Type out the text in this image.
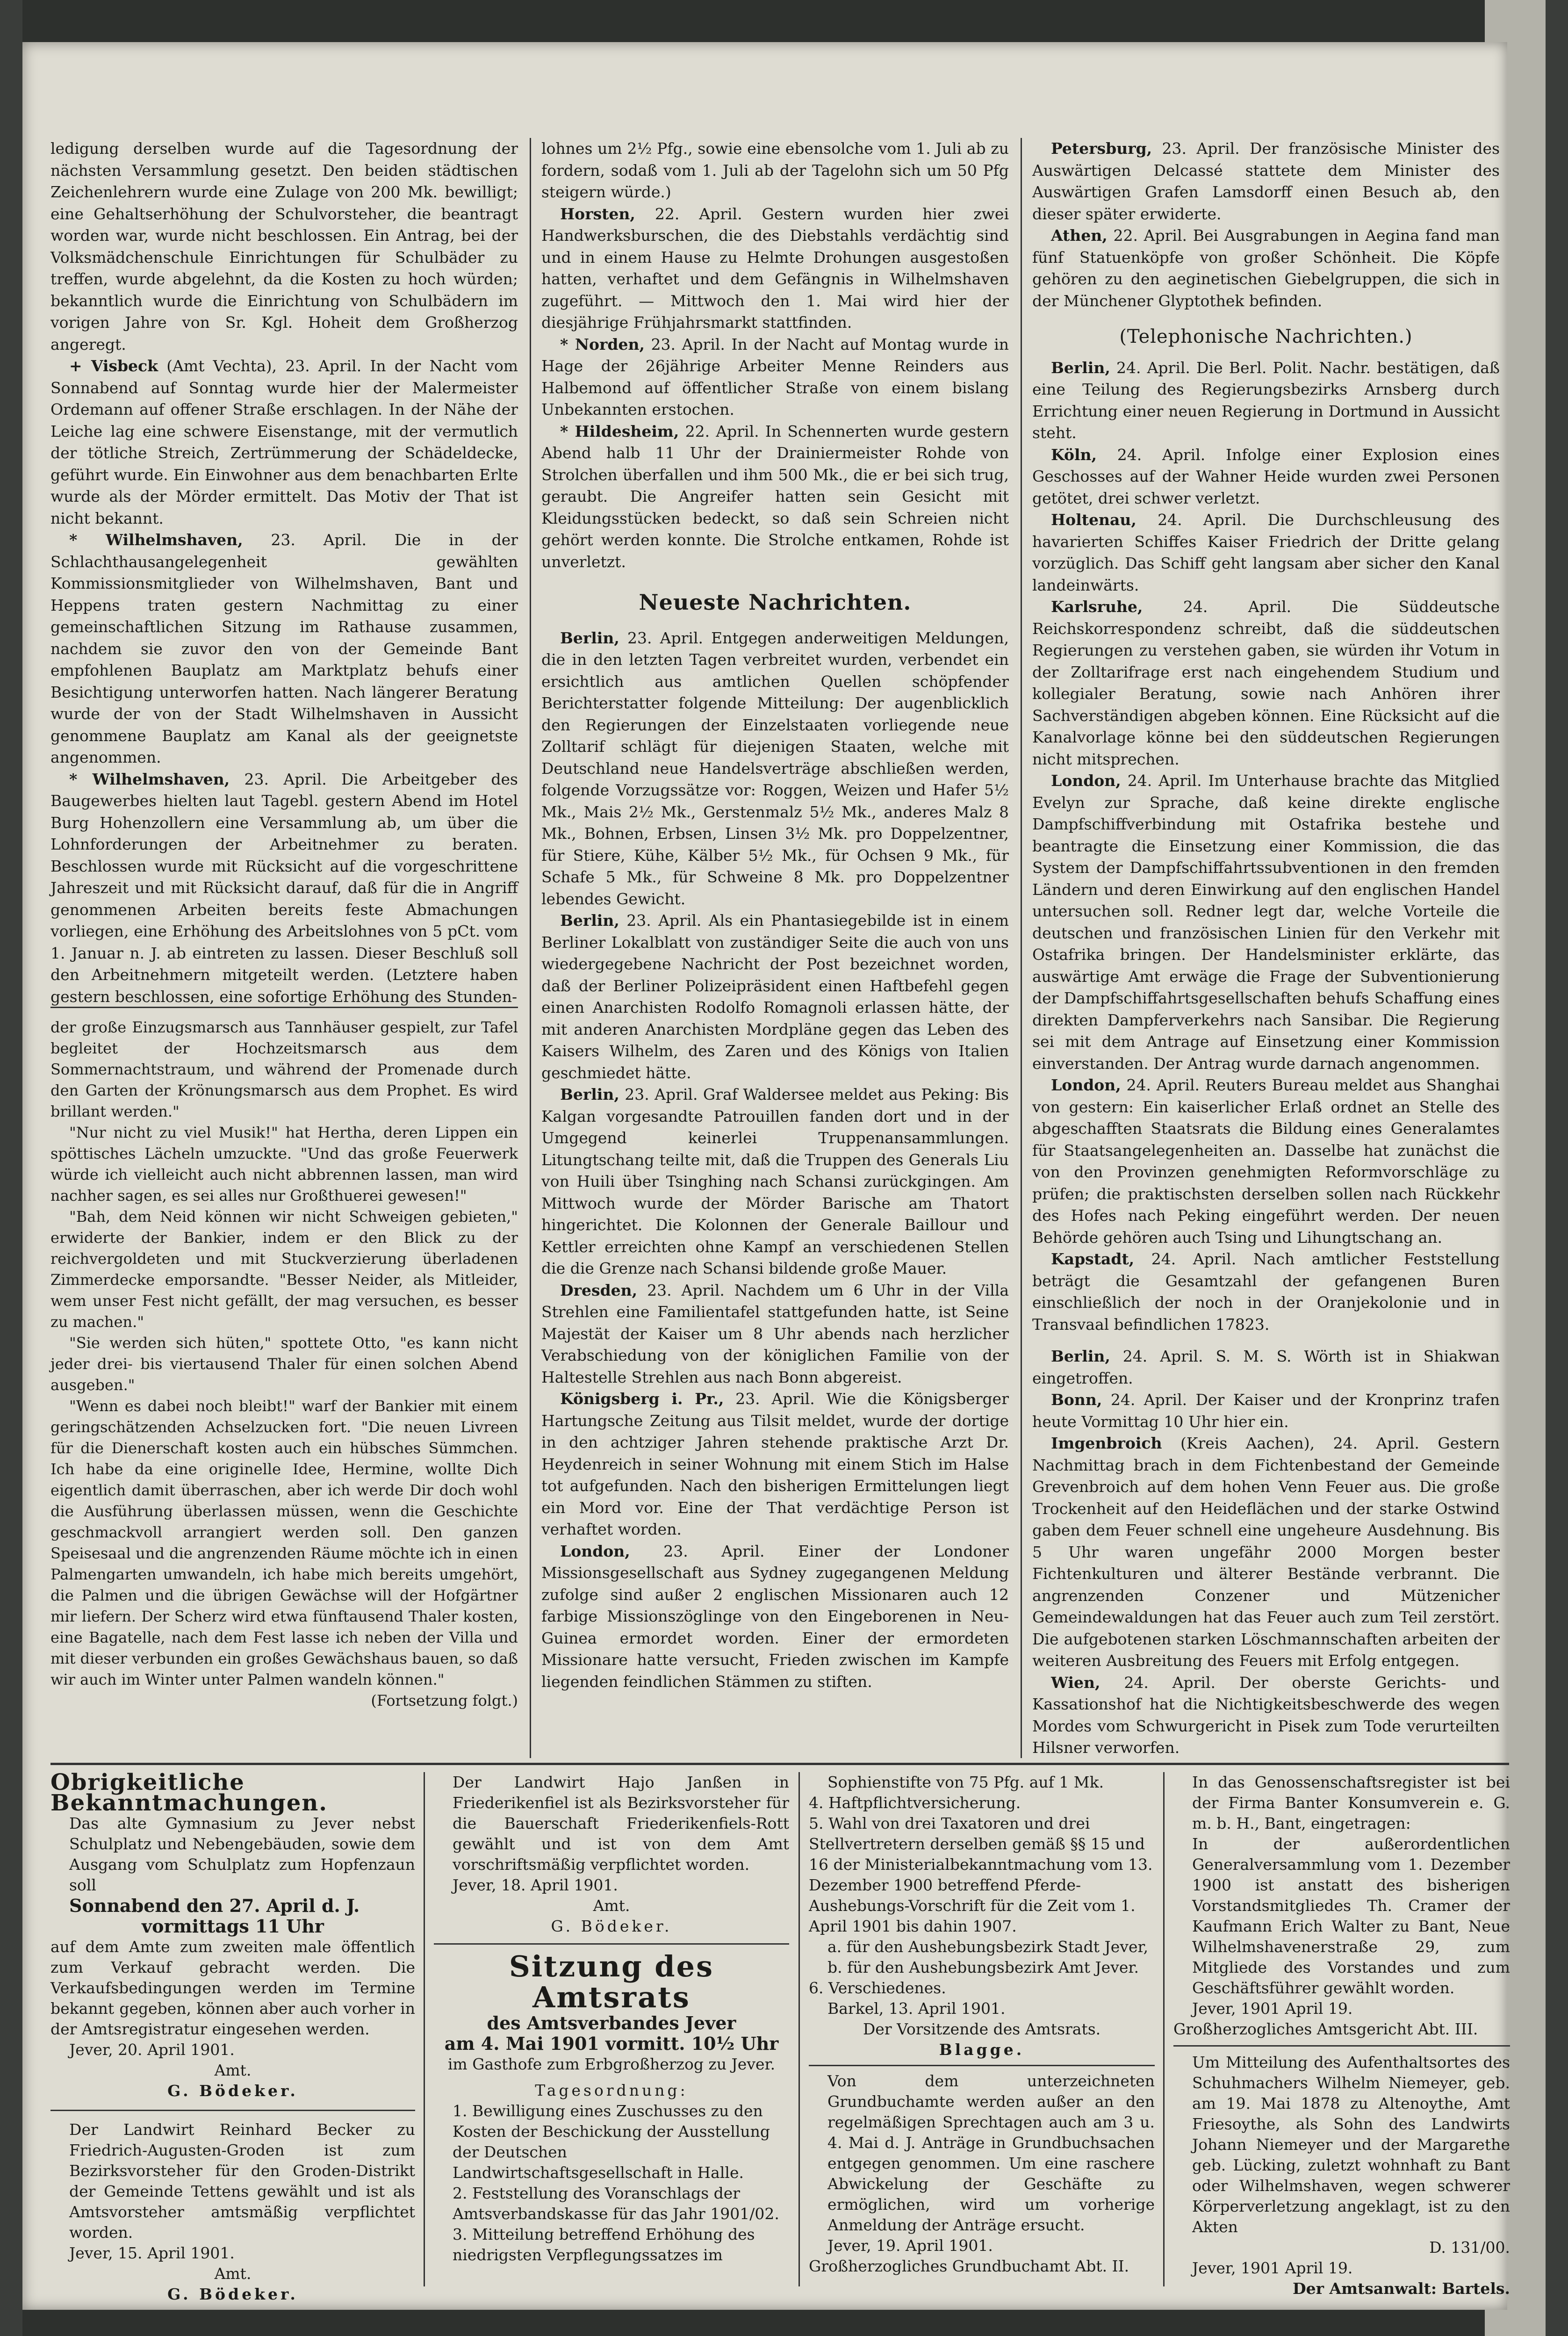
ledigung derselben wurde auf die Tagesordnung der nächsten Versammlung gesetzt. Den beiden städtischen Zeichenlehrern wurde eine Zulage von 200 Mk. bewilligt; eine Gehaltserhöhung der Schulvorsteher, die beantragt worden war, wurde nicht beschlossen. Ein Antrag, bei der Volksmädchenschule Einrichtungen für Schulbäder zu treffen, wurde abgelehnt, da die Kosten zu hoch würden; bekanntlich wurde die Einrichtung von Schulbädern im vorigen Jahre von Sr. Kgl. Hoheit dem Großherzog angeregt.

+ Visbeck (Amt Vechta), 23. April. In der Nacht vom Sonnabend auf Sonntag wurde hier der Malermeister Ordemann auf offener Straße erschlagen. In der Nähe der Leiche lag eine schwere Eisenstange, mit der vermutlich der tötliche Streich, Zertrümmerung der Schädeldecke, geführt wurde. Ein Einwohner aus dem benachbarten Erlte wurde als der Mörder ermittelt. Das Motiv der That ist nicht bekannt.

* Wilhelmshaven, 23. April. Die in der Schlachthausangelegenheit gewählten Kommissionsmitglieder von Wilhelmshaven, Bant und Heppens traten gestern Nachmittag zu einer gemeinschaftlichen Sitzung im Rathause zusammen, nachdem sie zuvor den von der Gemeinde Bant empfohlenen Bauplatz am Marktplatz behufs einer Besichtigung unterworfen hatten. Nach längerer Beratung wurde der von der Stadt Wilhelmshaven in Aussicht genommene Bauplatz am Kanal als der geeignetste angenommen.

* Wilhelmshaven, 23. April. Die Arbeitgeber des Baugewerbes hielten laut Tagebl. gestern Abend im Hotel Burg Hohenzollern eine Versammlung ab, um über die Lohnforderungen der Arbeitnehmer zu beraten. Beschlossen wurde mit Rücksicht auf die vorgeschrittene Jahreszeit und mit Rücksicht darauf, daß für die in Angriff genommenen Arbeiten bereits feste Abmachungen vorliegen, eine Erhöhung des Arbeitslohnes von 5 pCt. vom 1. Januar n. J. ab eintreten zu lassen. Dieser Beschluß soll den Arbeitnehmern mitgeteilt werden. (Letztere haben gestern beschlossen, eine sofortige Erhöhung des Stunden-

der große Einzugsmarsch aus Tannhäuser gespielt, zur Tafel begleitet der Hochzeitsmarsch aus dem Sommernachtstraum, und während der Promenade durch den Garten der Krönungsmarsch aus dem Prophet. Es wird brillant werden."

"Nur nicht zu viel Musik!" hat Hertha, deren Lippen ein spöttisches Lächeln umzuckte. "Und das große Feuerwerk würde ich vielleicht auch nicht abbrennen lassen, man wird nachher sagen, es sei alles nur Großthuerei gewesen!"

"Bah, dem Neid können wir nicht Schweigen gebieten," erwiderte der Bankier, indem er den Blick zu der reichvergoldeten und mit Stuckverzierung überladenen Zimmerdecke emporsandte. "Besser Neider, als Mitleider, wem unser Fest nicht gefällt, der mag versuchen, es besser zu machen."

"Sie werden sich hüten," spottete Otto, "es kann nicht jeder drei- bis viertausend Thaler für einen solchen Abend ausgeben."

"Wenn es dabei noch bleibt!" warf der Bankier mit einem geringschätzenden Achselzucken fort. "Die neuen Livreen für die Dienerschaft kosten auch ein hübsches Sümmchen. Ich habe da eine originelle Idee, Hermine, wollte Dich eigentlich damit überraschen, aber ich werde Dir doch wohl die Ausführung überlassen müssen, wenn die Geschichte geschmackvoll arrangiert werden soll. Den ganzen Speisesaal und die angrenzenden Räume möchte ich in einen Palmengarten umwandeln, ich habe mich bereits umgehört, die Palmen und die übrigen Gewächse will der Hofgärtner mir liefern. Der Scherz wird etwa fünftausend Thaler kosten, eine Bagatelle, nach dem Fest lasse ich neben der Villa und mit dieser verbunden ein großes Gewächshaus bauen, so daß wir auch im Winter unter Palmen wandeln können."

(Fortsetzung folgt.)

lohnes um 2½ Pfg., sowie eine ebensolche vom 1. Juli ab zu fordern, sodaß vom 1. Juli ab der Tagelohn sich um 50 Pfg steigern würde.)

Horsten, 22. April. Gestern wurden hier zwei Handwerksburschen, die des Diebstahls verdächtig sind und in einem Hause zu Helmte Drohungen ausgestoßen hatten, verhaftet und dem Gefängnis in Wilhelmshaven zugeführt. — Mittwoch den 1. Mai wird hier der diesjährige Frühjahrsmarkt stattfinden.

* Norden, 23. April. In der Nacht auf Montag wurde in Hage der 26jährige Arbeiter Menne Reinders aus Halbemond auf öffentlicher Straße von einem bislang Unbekannten erstochen.

* Hildesheim, 22. April. In Schennerten wurde gestern Abend halb 11 Uhr der Drainiermeister Rohde von Strolchen überfallen und ihm 500 Mk., die er bei sich trug, geraubt. Die Angreifer hatten sein Gesicht mit Kleidungsstücken bedeckt, so daß sein Schreien nicht gehört werden konnte. Die Strolche entkamen, Rohde ist unverletzt.

Neueste Nachrichten.

Berlin, 23. April. Entgegen anderweitigen Meldungen, die in den letzten Tagen verbreitet wurden, verbendet ein ersichtlich aus amtlichen Quellen schöpfender Berichterstatter folgende Mitteilung: Der augenblicklich den Regierungen der Einzelstaaten vorliegende neue Zolltarif schlägt für diejenigen Staaten, welche mit Deutschland neue Handelsverträge abschließen werden, folgende Vorzugssätze vor: Roggen, Weizen und Hafer 5½ Mk., Mais 2½ Mk., Gerstenmalz 5½ Mk., anderes Malz 8 Mk., Bohnen, Erbsen, Linsen 3½ Mk. pro Doppelzentner, für Stiere, Kühe, Kälber 5½ Mk., für Ochsen 9 Mk., für Schafe 5 Mk., für Schweine 8 Mk. pro Doppelzentner lebendes Gewicht.

Berlin, 23. April. Als ein Phantasiegebilde ist in einem Berliner Lokalblatt von zuständiger Seite die auch von uns wiedergegebene Nachricht der Post bezeichnet worden, daß der Berliner Polizeipräsident einen Haftbefehl gegen einen Anarchisten Rodolfo Romagnoli erlassen hätte, der mit anderen Anarchisten Mordpläne gegen das Leben des Kaisers Wilhelm, des Zaren und des Königs von Italien geschmiedet hätte.

Berlin, 23. April. Graf Waldersee meldet aus Peking: Bis Kalgan vorgesandte Patrouillen fanden dort und in der Umgegend keinerlei Truppenansammlungen. Litungtschang teilte mit, daß die Truppen des Generals Liu von Huili über Tsinghing nach Schansi zurückgingen. Am Mittwoch wurde der Mörder Barische am Thatort hingerichtet. Die Kolonnen der Generale Baillour und Kettler erreichten ohne Kampf an verschiedenen Stellen die die Grenze nach Schansi bildende große Mauer.

Dresden, 23. April. Nachdem um 6 Uhr in der Villa Strehlen eine Familientafel stattgefunden hatte, ist Seine Majestät der Kaiser um 8 Uhr abends nach herzlicher Verabschiedung von der königlichen Familie von der Haltestelle Strehlen aus nach Bonn abgereist.

Königsberg i. Pr., 23. April. Wie die Königsberger Hartungsche Zeitung aus Tilsit meldet, wurde der dortige in den achtziger Jahren stehende praktische Arzt Dr. Heydenreich in seiner Wohnung mit einem Stich im Halse tot aufgefunden. Nach den bisherigen Ermittelungen liegt ein Mord vor. Eine der That verdächtige Person ist verhaftet worden.

London, 23. April. Einer der Londoner Missionsgesellschaft aus Sydney zugegangenen Meldung zufolge sind außer 2 englischen Missionaren auch 12 farbige Missionszöglinge von den Eingeborenen in Neu-Guinea ermordet worden. Einer der ermordeten Missionare hatte versucht, Frieden zwischen im Kampfe liegenden feindlichen Stämmen zu stiften.

Petersburg, 23. April. Der französische Minister des Auswärtigen Delcassé stattete dem Minister des Auswärtigen Grafen Lamsdorff einen Besuch ab, den dieser später erwiderte.

Athen, 22. April. Bei Ausgrabungen in Aegina fand man fünf Statuenköpfe von großer Schönheit. Die Köpfe gehören zu den aeginetischen Giebelgruppen, die sich in der Münchener Glyptothek befinden.

(Telephonische Nachrichten.)

Berlin, 24. April. Die Berl. Polit. Nachr. bestätigen, daß eine Teilung des Regierungsbezirks Arnsberg durch Errichtung einer neuen Regierung in Dortmund in Aussicht steht.

Köln, 24. April. Infolge einer Explosion eines Geschosses auf der Wahner Heide wurden zwei Personen getötet, drei schwer verletzt.

Holtenau, 24. April. Die Durchschleusung des havarierten Schiffes Kaiser Friedrich der Dritte gelang vorzüglich. Das Schiff geht langsam aber sicher den Kanal landeinwärts.

Karlsruhe,	24. April. Die Süddeutsche Reichskorrespondenz schreibt, daß die süddeutschen Regierungen zu verstehen gaben, sie würden ihr Votum in der Zolltarifrage erst nach eingehendem Studium und kollegialer Beratung, sowie nach Anhören ihrer Sachverständigen abgeben können. Eine Rücksicht auf die Kanalvorlage könne bei den süddeutschen Regierungen nicht mitsprechen.

London, 24. April. Im Unterhause brachte das Mitglied Evelyn zur Sprache, daß keine direkte englische Dampfschiffverbindung mit Ostafrika bestehe und beantragte die Einsetzung einer Kommission, die das System der Dampfschiffahrtssubventionen in den fremden Ländern und deren Einwirkung auf den englischen Handel untersuchen soll. Redner legt dar, welche Vorteile die deutschen und französischen Linien für den Verkehr mit Ostafrika bringen. Der Handelsminister erklärte, das auswärtige Amt erwäge die Frage der Subventionierung der Dampfschiffahrtsgesellschaften behufs Schaffung eines direkten Dampferverkehrs nach Sansibar. Die Regierung sei mit dem Antrage auf Einsetzung einer Kommission einverstanden. Der Antrag wurde darnach angenommen.

London, 24. April. Reuters Bureau meldet aus Shanghai von gestern: Ein kaiserlicher Erlaß ordnet an Stelle des abgeschafften Staatsrats die Bildung eines Generalamtes für Staatsangelegenheiten an. Dasselbe hat zunächst die von den Provinzen genehmigten Reformvorschläge zu prüfen; die praktischsten derselben sollen nach Rückkehr des Hofes nach Peking eingeführt werden. Der neuen Behörde gehören auch Tsing und Lihungtschang an.

Kapstadt, 24. April. Nach amtlicher Feststellung beträgt die Gesamtzahl der gefangenen Buren einschließlich der noch in der Oranjekolonie und in Transvaal befindlichen 17823.

Berlin, 24. April. S. M. S. Wörth ist in Shiakwan eingetroffen.

Bonn, 24. April. Der Kaiser und der Kronprinz trafen heute Vormittag 10 Uhr hier ein.

Imgenbroich (Kreis Aachen), 24. April. Gestern Nachmittag brach in dem Fichtenbestand der Gemeinde Grevenbroich auf dem hohen Venn Feuer aus. Die große Trockenheit auf den Heideflächen und der starke Ostwind gaben dem Feuer schnell eine ungeheure Ausdehnung. Bis 5 Uhr waren ungefähr 2000 Morgen bester Fichtenkulturen und älterer Bestände verbrannt. Die angrenzenden Conzener und Mützenicher Gemeindewaldungen hat das Feuer auch zum Teil zerstört. Die aufgebotenen starken Löschmannschaften arbeiten der weiteren Ausbreitung des Feuers mit Erfolg entgegen.

Wien, 24. April. Der oberste Gerichts- und Kassationshof hat die Nichtigkeitsbeschwerde des wegen Mordes vom Schwurgericht in Pisek zum Tode verurteilten Hilsner verworfen.

Obrigkeitliche Bekanntmachungen.

Das alte Gymnasium zu Jever nebst Schulplatz und Nebengebäuden, sowie dem Ausgang vom Schulplatz zum Hopfenzaun soll

Sonnabend den 27. April d. J.

vormittags 11 Uhr

auf dem Amte zum zweiten male öffentlich zum Verkauf gebracht werden. Die Verkaufsbedingungen werden im Termine bekannt gegeben, können aber auch vorher in der Amtsregistratur eingesehen werden.

Jever, 20. April 1901.

Amt.

G. Bödeker.

Der Landwirt Reinhard Becker zu Friedrich-Augusten-Groden ist zum Bezirksvorsteher für den Groden-Distrikt der Gemeinde Tettens gewählt und ist als Amtsvorsteher amtsmäßig verpflichtet worden.

Jever, 15. April 1901.

Amt.

G. Bödeker.

Der Landwirt Hajo Janßen in Friederikenfiel ist als Bezirksvorsteher für die Bauerschaft Friederikenfiels-Rott gewählt und ist von dem Amt vorschriftsmäßig verpflichtet worden.

Jever, 18. April 1901.

Amt.

G. Bödeker.

Sitzung des Amtsrats

des Amtsverbandes Jever

am 4. Mai 1901 vormitt. 10½ Uhr

im Gasthofe zum Erbgroßherzog zu Jever.

Tagesordnung:

1. Bewilligung eines Zuschusses zu den Kosten der Beschickung der Ausstellung der Deutschen Landwirtschaftsgesellschaft in Halle.

2. Feststellung des Voranschlags der Amtsverbandskasse für das Jahr 1901/02.

3. Mitteilung betreffend Erhöhung des niedrigsten Verpflegungssatzes im

Sophienstifte von 75 Pfg. auf 1 Mk.

4. Haftpflichtversicherung.

5. Wahl von drei Taxatoren und drei Stellvertretern derselben gemäß §§ 15 und 16 der Ministerialbekanntmachung vom 13. Dezember 1900 betreffend Pferde-Aushebungs-Vorschrift für die Zeit vom 1. April 1901 bis dahin 1907.

a. für den Aushebungsbezirk Stadt Jever,

b. für den Aushebungsbezirk Amt Jever.

6. Verschiedenes.

Barkel, 13. April 1901.

Der Vorsitzende des Amtsrats.

Blagge.

Von dem unterzeichneten Grundbuchamte werden außer an den regelmäßigen Sprechtagen auch am 3 u. 4. Mai d. J. Anträge in Grundbuchsachen entgegen genommen. Um eine raschere Abwickelung der Geschäfte zu ermöglichen, wird um vorherige Anmeldung der Anträge ersucht.

Jever, 19. April 1901.

Großherzogliches Grundbuchamt Abt. II.

In das Genossenschaftsregister ist bei der Firma Banter Konsumverein e. G. m. b. H., Bant, eingetragen:

In der außerordentlichen Generalversammlung vom 1. Dezember 1900 ist anstatt des bisherigen Vorstandsmitgliedes Th. Cramer der Kaufmann Erich Walter zu Bant, Neue Wilhelmshavenerstraße 29, zum Mitgliede des Vorstandes und zum Geschäftsführer gewählt worden.

Jever, 1901 April 19.

Großherzogliches Amtsgericht Abt. III.

Um Mitteilung des Aufenthaltsortes des Schuhmachers Wilhelm Niemeyer, geb. am 19. Mai 1878 zu Altenoythe, Amt Friesoythe, als Sohn des Landwirts Johann Niemeyer und der Margarethe geb. Lücking, zuletzt wohnhaft zu Bant oder Wilhelmshaven, wegen schwerer Körperverletzung angeklagt, ist zu den Akten

D. 131/00.

Jever, 1901 April 19.

Der Amtsanwalt: Bartels.
